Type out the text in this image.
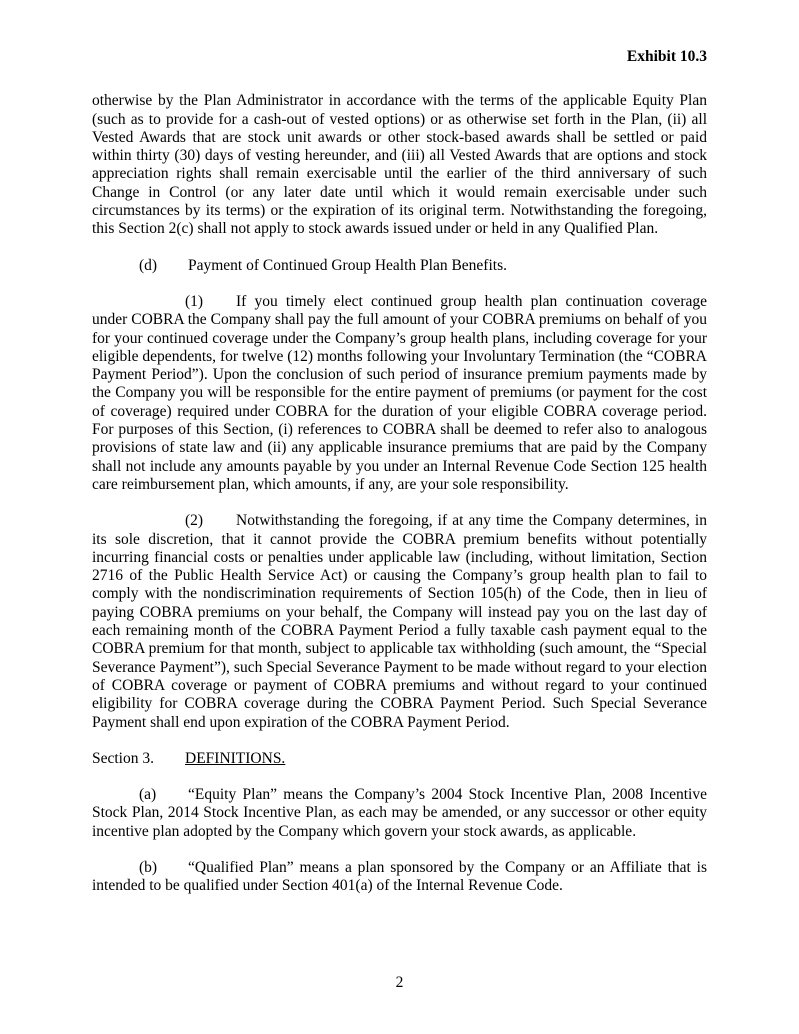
Exhibit 10.3

otherwise by the Plan Administrator in accordance with the terms of the applicable Equity Plan (such as to provide for a cash-out of vested options) or as otherwise set forth in the Plan, (ii) all Vested Awards that are stock unit awards or other stock-based awards shall be settled or paid within thirty (30) days of vesting hereunder, and (iii) all Vested Awards that are options and stock appreciation rights shall remain exercisable until the earlier of the third anniversary of such Change in Control (or any later date until which it would remain exercisable under such circumstances by its terms) or the expiration of its original term. Notwithstanding the foregoing, this Section 2(c) shall not apply to stock awards issued under or held in any Qualified Plan.

(d) Payment of Continued Group Health Plan Benefits.

(1) If you timely elect continued group health plan continuation coverage under COBRA the Company shall pay the full amount of your COBRA premiums on behalf of you for your continued coverage under the Company’s group health plans, including coverage for your eligible dependents, for twelve (12) months following your Involuntary Termination (the “COBRA Payment Period”). Upon the conclusion of such period of insurance premium payments made by the Company you will be responsible for the entire payment of premiums (or payment for the cost of coverage) required under COBRA for the duration of your eligible COBRA coverage period. For purposes of this Section, (i) references to COBRA shall be deemed to refer also to analogous provisions of state law and (ii) any applicable insurance premiums that are paid by the Company shall not include any amounts payable by you under an Internal Revenue Code Section 125 health care reimbursement plan, which amounts, if any, are your sole responsibility.

(2) Notwithstanding the foregoing, if at any time the Company determines, in its sole discretion, that it cannot provide the COBRA premium benefits without potentially incurring financial costs or penalties under applicable law (including, without limitation, Section 2716 of the Public Health Service Act) or causing the Company’s group health plan to fail to comply with the nondiscrimination requirements of Section 105(h) of the Code, then in lieu of paying COBRA premiums on your behalf, the Company will instead pay you on the last day of each remaining month of the COBRA Payment Period a fully taxable cash payment equal to the COBRA premium for that month, subject to applicable tax withholding (such amount, the “Special Severance Payment”), such Special Severance Payment to be made without regard to your election of COBRA coverage or payment of COBRA premiums and without regard to your continued eligibility for COBRA coverage during the COBRA Payment Period. Such Special Severance Payment shall end upon expiration of the COBRA Payment Period.

Section 3. DEFINITIONS.

(a) “Equity Plan” means the Company’s 2004 Stock Incentive Plan, 2008 Incentive Stock Plan, 2014 Stock Incentive Plan, as each may be amended, or any successor or other equity incentive plan adopted by the Company which govern your stock awards, as applicable.

(b) “Qualified Plan” means a plan sponsored by the Company or an Affiliate that is intended to be qualified under Section 401(a) of the Internal Revenue Code.

2
